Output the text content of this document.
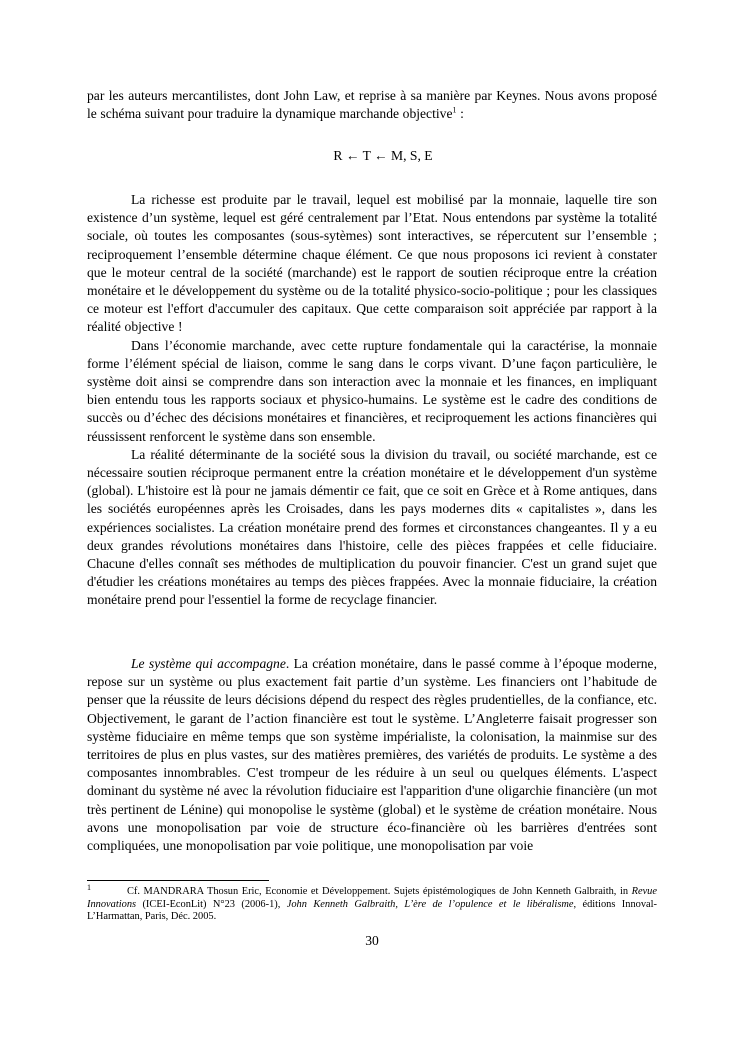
par les auteurs mercantilistes, dont John Law, et reprise à sa manière par Keynes. Nous avons proposé le schéma suivant pour traduire la dynamique marchande objective$^1$ :

R ← T ← M, S, E

La richesse est produite par le travail, lequel est mobilisé par la monnaie, laquelle tire son existence d’un système, lequel est géré centralement par l’Etat. Nous entendons par système la totalité sociale, où toutes les composantes (sous-sytèmes) sont interactives, se répercutent sur l’ensemble ; reciproquement l’ensemble détermine chaque élément. Ce que nous proposons ici revient à constater que le moteur central de la société (marchande) est le rapport de soutien réciproque entre la création monétaire et le développement du système ou de la totalité physico-socio-politique ; pour les classiques ce moteur est l'effort d'accumuler des capitaux. Que cette comparaison soit appréciée par rapport à la réalité objective !

Dans l’économie marchande, avec cette rupture fondamentale qui la caractérise, la monnaie forme l’élément spécial de liaison, comme le sang dans le corps vivant. D’une façon particulière, le système doit ainsi se comprendre dans son interaction avec la monnaie et les finances, en impliquant bien entendu tous les rapports sociaux et physico-humains. Le système est le cadre des conditions de succès ou d’échec des décisions monétaires et financières, et reciproquement les actions financières qui réussissent renforcent le système dans son ensemble.

La réalité déterminante de la société sous la division du travail, ou société marchande, est ce nécessaire soutien réciproque permanent entre la création monétaire et le développement d'un système (global). L'histoire est là pour ne jamais démentir ce fait, que ce soit en Grèce et à Rome antiques, dans les sociétés européennes après les Croisades, dans les pays modernes dits « capitalistes », dans les expériences socialistes. La création monétaire prend des formes et circonstances changeantes. Il y a eu deux grandes révolutions monétaires dans l'histoire, celle des pièces frappées et celle fiduciaire. Chacune d'elles connaît ses méthodes de multiplication du pouvoir financier. C'est un grand sujet que d'étudier les créations monétaires au temps des pièces frappées. Avec la monnaie fiduciaire, la création monétaire prend pour l'essentiel la forme de recyclage financier.

Le système qui accompagne. La création monétaire, dans le passé comme à l’époque moderne, repose sur un système ou plus exactement fait partie d’un système. Les financiers ont l’habitude de penser que la réussite de leurs décisions dépend du respect des règles prudentielles, de la confiance, etc. Objectivement, le garant de l’action financière est tout le système. L’Angleterre faisait progresser son système fiduciaire en même temps que son système impérialiste, la colonisation, la mainmise sur des territoires de plus en plus vastes, sur des matières premières, des variétés de produits. Le système a des composantes innombrables. C'est trompeur de les réduire à un seul ou quelques éléments. L'aspect dominant du système né avec la révolution fiduciaire est l'apparition d'une oligarchie financière (un mot très pertinent de Lénine) qui monopolise le système (global) et le système de création monétaire. Nous avons une monopolisation par voie de structure éco-financière où les barrières d'entrées sont compliquées, une monopolisation par voie politique, une monopolisation par voie

$^1$	Cf. MANDRARA Thosun Eric, Economie et Développement. Sujets épistémologiques de John Kenneth Galbraith, in Revue Innovations (ICEI-EconLit) N°23 (2006-1), John Kenneth Galbraith, L’ère de l’opulence et le libéralisme, éditions Innoval-L’Harmattan, Paris, Déc. 2005.
30
